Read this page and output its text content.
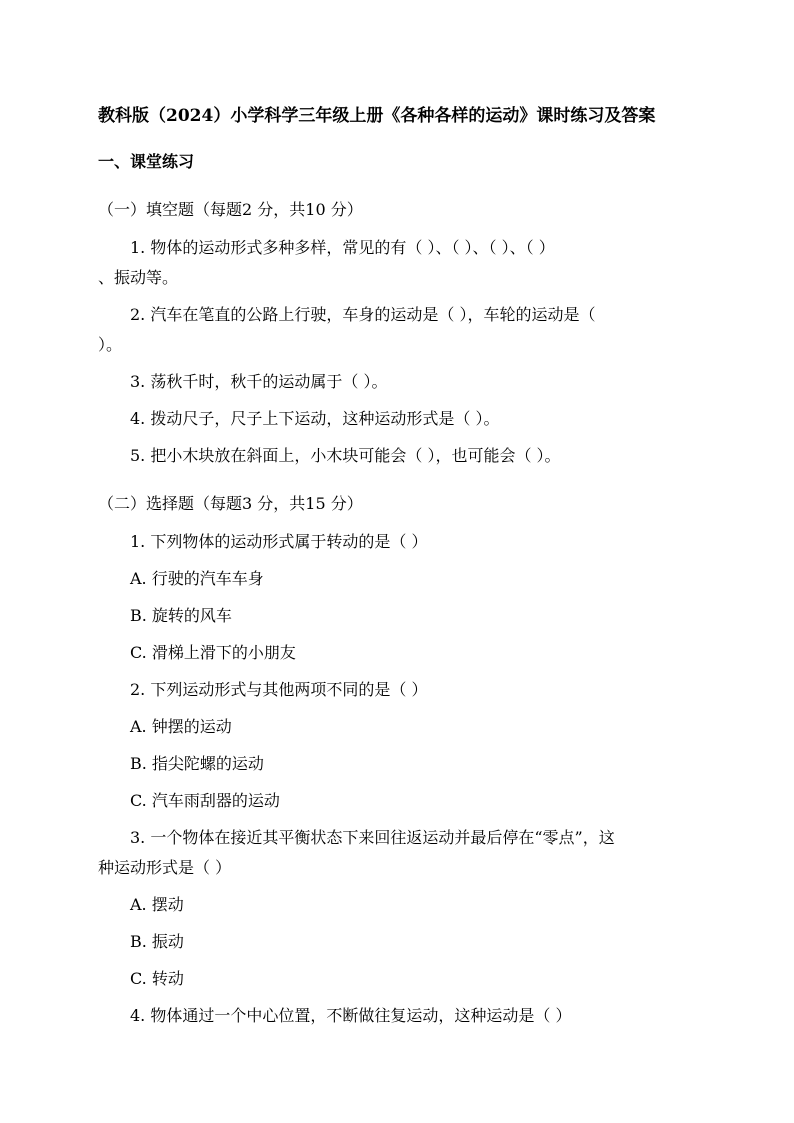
教科版（2024）小学科学三年级上册《各种各样的运动》课时练习及答案
一、课堂练习
（一）填空题（每题2 分，共10 分）
1. 物体的运动形式多种多样，常见的有（ ）、（ ）、（ ）、（ ）
、振动等。
2. 汽车在笔直的公路上行驶，车身的运动是（ ），车轮的运动是（
）。
3. 荡秋千时，秋千的运动属于（ ）。
4. 拨动尺子，尺子上下运动，这种运动形式是（ ）。
5. 把小木块放在斜面上，小木块可能会（ ），也可能会（ ）。
（二）选择题（每题3 分，共15 分）
1. 下列物体的运动形式属于转动的是（ ）
A. 行驶的汽车车身
B. 旋转的风车
C. 滑梯上滑下的小朋友
2. 下列运动形式与其他两项不同的是（ ）
A. 钟摆的运动
B. 指尖陀螺的运动
C. 汽车雨刮器的运动
3. 一个物体在接近其平衡状态下来回往返运动并最后停在“零点”，这
种运动形式是（ ）
A. 摆动
B. 振动
C. 转动
4. 物体通过一个中心位置，不断做往复运动，这种运动是（ ）
